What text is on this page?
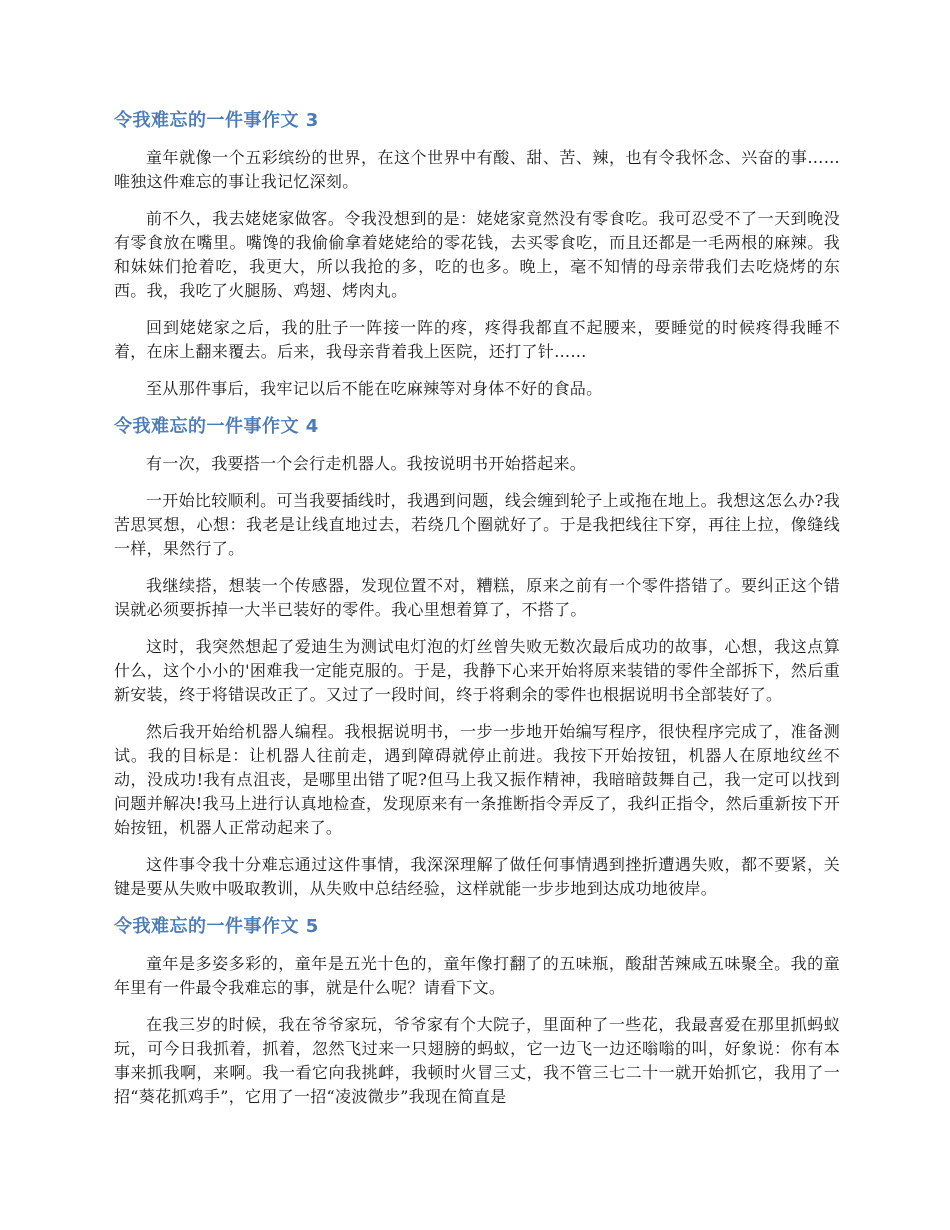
令我难忘的一件事作文 3

童年就像一个五彩缤纷的世界，在这个世界中有酸、甜、苦、辣，也有令我怀念、兴奋的事……唯独这件难忘的事让我记忆深刻。

前不久，我去姥姥家做客。令我没想到的是：姥姥家竟然没有零食吃。我可忍受不了一天到晚没有零食放在嘴里。嘴馋的我偷偷拿着姥姥给的零花钱，去买零食吃，而且还都是一毛两根的麻辣。我和妹妹们抢着吃，我更大，所以我抢的多，吃的也多。晚上，毫不知情的母亲带我们去吃烧烤的东西。我，我吃了火腿肠、鸡翅、烤肉丸。

回到姥姥家之后，我的肚子一阵接一阵的疼，疼得我都直不起腰来，要睡觉的时候疼得我睡不着，在床上翻来覆去。后来，我母亲背着我上医院，还打了针……

至从那件事后，我牢记以后不能在吃麻辣等对身体不好的食品。

令我难忘的一件事作文 4

有一次，我要搭一个会行走机器人。我按说明书开始搭起来。

一开始比较顺利。可当我要插线时，我遇到问题，线会缠到轮子上或拖在地上。我想这怎么办?我苦思冥想，心想：我老是让线直地过去，若绕几个圈就好了。于是我把线往下穿，再往上拉，像缝线一样，果然行了。

我继续搭，想装一个传感器，发现位置不对，糟糕，原来之前有一个零件搭错了。要纠正这个错误就必须要拆掉一大半已装好的零件。我心里想着算了，不搭了。

这时，我突然想起了爱迪生为测试电灯泡的灯丝曾失败无数次最后成功的故事，心想，我这点算什么，这个小小的'困难我一定能克服的。于是，我静下心来开始将原来装错的零件全部拆下，然后重新安装，终于将错误改正了。又过了一段时间，终于将剩余的零件也根据说明书全部装好了。

然后我开始给机器人编程。我根据说明书，一步一步地开始编写程序，很快程序完成了，准备测试。我的目标是：让机器人往前走，遇到障碍就停止前进。我按下开始按钮，机器人在原地纹丝不动，没成功!我有点沮丧，是哪里出错了呢?但马上我又振作精神，我暗暗鼓舞自己，我一定可以找到问题并解决!我马上进行认真地检查，发现原来有一条推断指令弄反了，我纠正指令，然后重新按下开始按钮，机器人正常动起来了。

这件事令我十分难忘通过这件事情，我深深理解了做任何事情遇到挫折遭遇失败，都不要紧，关键是要从失败中吸取教训，从失败中总结经验，这样就能一步步地到达成功地彼岸。

令我难忘的一件事作文 5

童年是多姿多彩的，童年是五光十色的，童年像打翻了的五味瓶，酸甜苦辣咸五味聚全。我的童年里有一件最令我难忘的事，就是什么呢？请看下文。

在我三岁的时候，我在爷爷家玩，爷爷家有个大院子，里面种了一些花，我最喜爱在那里抓蚂蚁玩，可今日我抓着，抓着，忽然飞过来一只翅膀的蚂蚁，它一边飞一边还嗡嗡的叫，好象说：你有本事来抓我啊，来啊。我一看它向我挑衅，我顿时火冒三丈，我不管三七二十一就开始抓它，我用了一招“葵花抓鸡手”，它用了一招“凌波微步”我现在简直是
